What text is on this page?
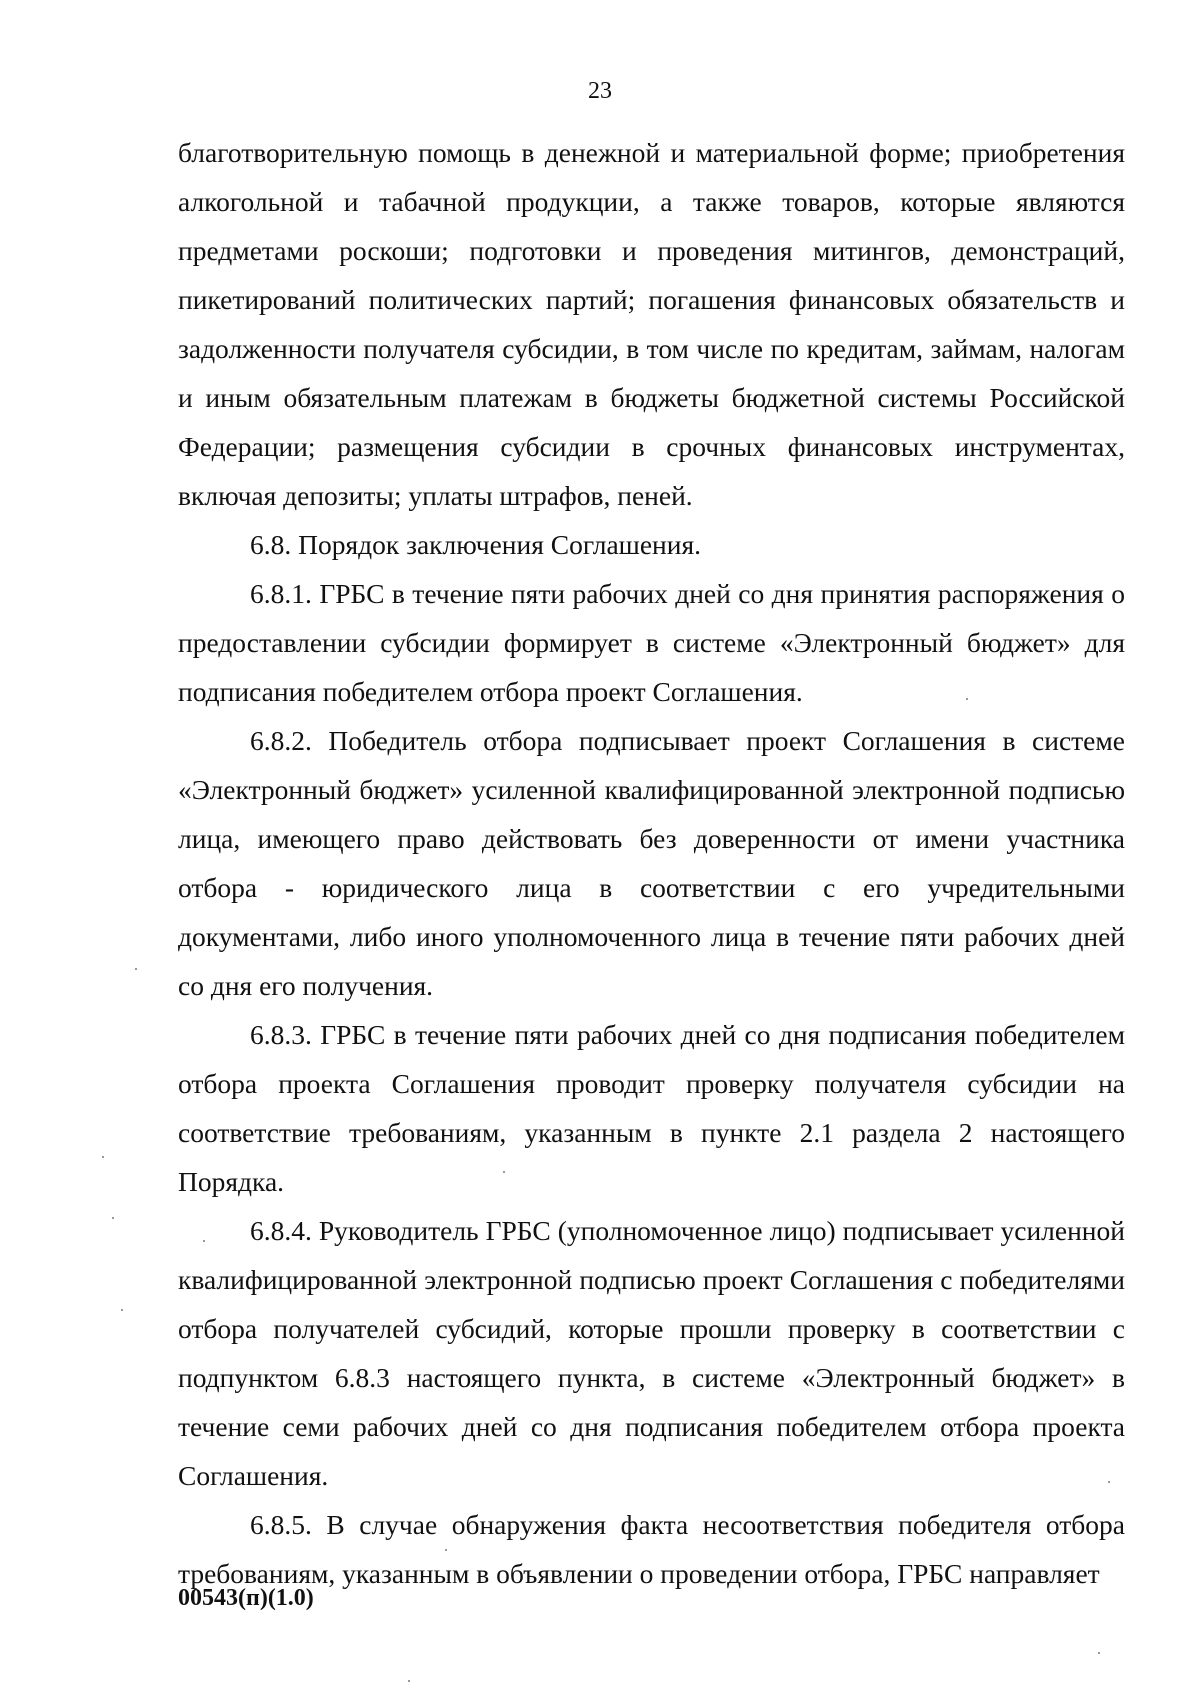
23

благотворительную помощь в денежной и материальной форме; приобретения алкогольной и табачной продукции, а также товаров, которые являются предметами роскоши; подготовки и проведения митингов, демонстраций, пикетирований политических партий; погашения финансовых обязательств и задолженности получателя субсидии, в том числе по кредитам, займам, налогам и иным обязательным платежам в бюджеты бюджетной системы Российской Федерации; размещения субсидии в срочных финансовых инструментах, включая депозиты; уплаты штрафов, пеней.

6.8. Порядок заключения Соглашения.

6.8.1. ГРБС в течение пяти рабочих дней со дня принятия распоряжения о предоставлении субсидии формирует в системе «Электронный бюджет» для подписания победителем отбора проект Соглашения.

6.8.2. Победитель отбора подписывает проект Соглашения в системе «Электронный бюджет» усиленной квалифицированной электронной подписью лица, имеющего право действовать без доверенности от имени участника отбора - юридического лица в соответствии с его учредительными документами, либо иного уполномоченного лица в течение пяти рабочих дней со дня его получения.

6.8.3. ГРБС в течение пяти рабочих дней со дня подписания победителем отбора проекта Соглашения проводит проверку получателя субсидии на соответствие требованиям, указанным в пункте 2.1 раздела 2 настоящего Порядка.

6.8.4. Руководитель ГРБС (уполномоченное лицо) подписывает усиленной квалифицированной электронной подписью проект Соглашения с победителями отбора получателей субсидий, которые прошли проверку в соответствии с подпунктом 6.8.3 настоящего пункта, в системе «Электронный бюджет» в течение семи рабочих дней со дня подписания победителем отбора проекта Соглашения.

6.8.5. В случае обнаружения факта несоответствия победителя отбора требованиям, указанным в объявлении о проведении отбора, ГРБС направляет

00543(п)(1.0)
